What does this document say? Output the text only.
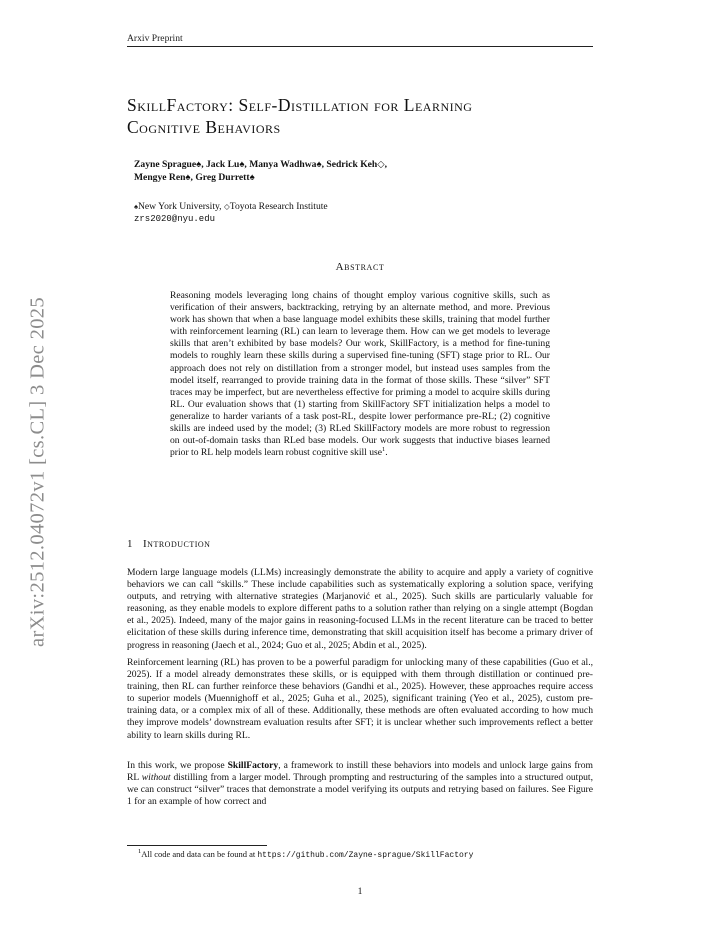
arXiv:2512.04072v1 [cs.CL] 3 Dec 2025
Arxiv Preprint
SkillFactory: Self-Distillation for Learning
Cognitive Behaviors
Zayne Sprague♠, Jack Lu♠, Manya Wadhwa♠, Sedrick Keh◇,
Mengye Ren♠, Greg Durrett♠
♠New York University, ◇Toyota Research Institute
zrs2020@nyu.edu
Abstract
Reasoning models leveraging long chains of thought employ various cognitive skills, such as verification of their answers, backtracking, retrying by an alternate method, and more. Previous work has shown that when a base language model exhibits these skills, training that model further with reinforcement learning (RL) can learn to leverage them. How can we get models to leverage skills that aren’t exhibited by base models? Our work, SkillFactory, is a method for fine-tuning models to roughly learn these skills during a supervised fine-tuning (SFT) stage prior to RL. Our approach does not rely on distillation from a stronger model, but instead uses samples from the model itself, rearranged to provide training data in the format of those skills. These “silver” SFT traces may be imperfect, but are nevertheless effective for priming a model to acquire skills during RL. Our evaluation shows that (1) starting from SkillFactory SFT initialization helps a model to generalize to harder variants of a task post-RL, despite lower performance pre-RL; (2) cognitive skills are indeed used by the model; (3) RLed SkillFactory models are more robust to regression on out-of-domain tasks than RLed base models. Our work suggests that inductive biases learned prior to RL help models learn robust cognitive skill use$^1$.
1 Introduction
Modern large language models (LLMs) increasingly demonstrate the ability to acquire and apply a variety of cognitive behaviors we can call “skills.” These include capabilities such as systematically exploring a solution space, verifying outputs, and retrying with alternative strategies (Marjanović et al., 2025). Such skills are particularly valuable for reasoning, as they enable models to explore different paths to a solution rather than relying on a single attempt (Bogdan et al., 2025). Indeed, many of the major gains in reasoning-focused LLMs in the recent literature can be traced to better elicitation of these skills during inference time, demonstrating that skill acquisition itself has become a primary driver of progress in reasoning (Jaech et al., 2024; Guo et al., 2025; Abdin et al., 2025).
Reinforcement learning (RL) has proven to be a powerful paradigm for unlocking many of these capabilities (Guo et al., 2025). If a model already demonstrates these skills, or is equipped with them through distillation or continued pre-training, then RL can further reinforce these behaviors (Gandhi et al., 2025). However, these approaches require access to superior models (Muennighoff et al., 2025; Guha et al., 2025), significant training (Yeo et al., 2025), custom pre-training data, or a complex mix of all of these. Additionally, these methods are often evaluated according to how much they improve models’ downstream evaluation results after SFT; it is unclear whether such improvements reflect a better ability to learn skills during RL.
In this work, we propose SkillFactory, a framework to instill these behaviors into models and unlock large gains from RL without distilling from a larger model. Through prompting and restructuring of the samples into a structured output, we can construct “silver” traces that demonstrate a model verifying its outputs and retrying based on failures. See Figure 1 for an example of how correct and
$^1$All code and data can be found at https://github.com/Zayne-sprague/SkillFactory
1
